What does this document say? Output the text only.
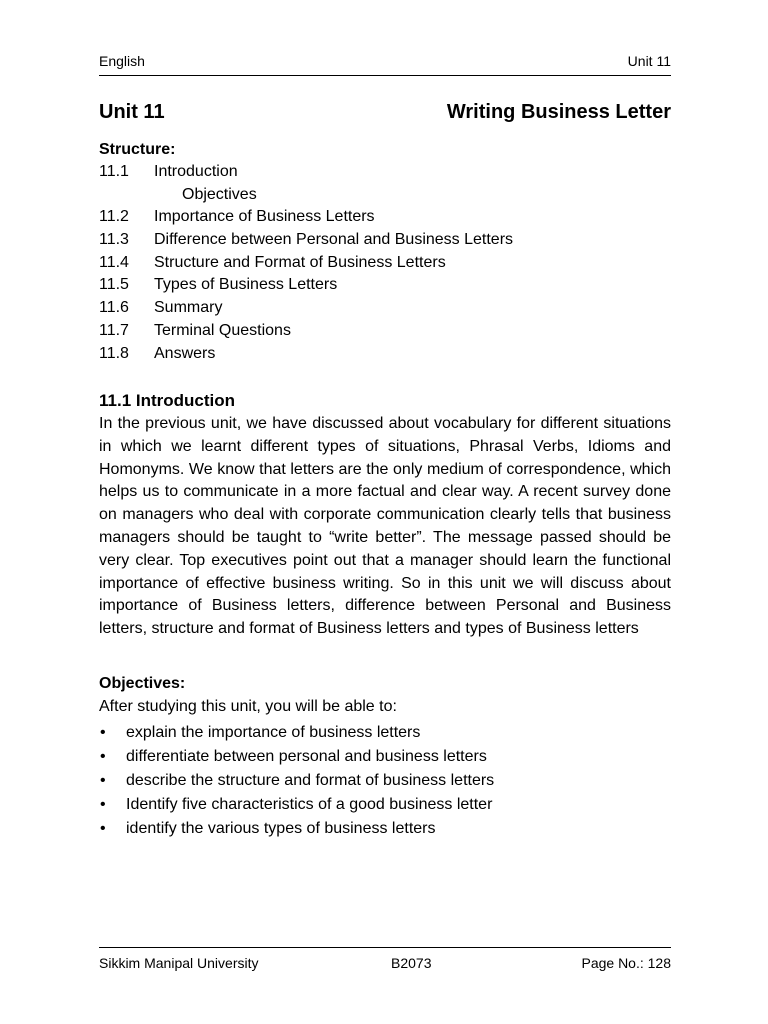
English	Unit 11
Unit 11	Writing Business Letter
Structure:
11.1 Introduction
Objectives
11.2 Importance of Business Letters
11.3 Difference between Personal and Business Letters
11.4 Structure and Format of Business Letters
11.5 Types of Business Letters
11.6 Summary
11.7 Terminal Questions
11.8 Answers
11.1 Introduction

In the previous unit, we have discussed about vocabulary for different situations in which we learnt different types of situations, Phrasal Verbs, Idioms and Homonyms. We know that letters are the only medium of correspondence, which helps us to communicate in a more factual and clear way. A recent survey done on managers who deal with corporate communication clearly tells that business managers should be taught to “write better”. The message passed should be very clear. Top executives point out that a manager should learn the functional importance of effective business writing. So in this unit we will discuss about importance of Business letters, difference between Personal and Business letters, structure and format of Business letters and types of Business letters

Objectives:
After studying this unit, you will be able to:
• explain the importance of business letters
• differentiate between personal and business letters
• describe the structure and format of business letters
• Identify five characteristics of a good business letter
• identify the various types of business letters
Sikkim Manipal University	B2073	Page No.: 128
